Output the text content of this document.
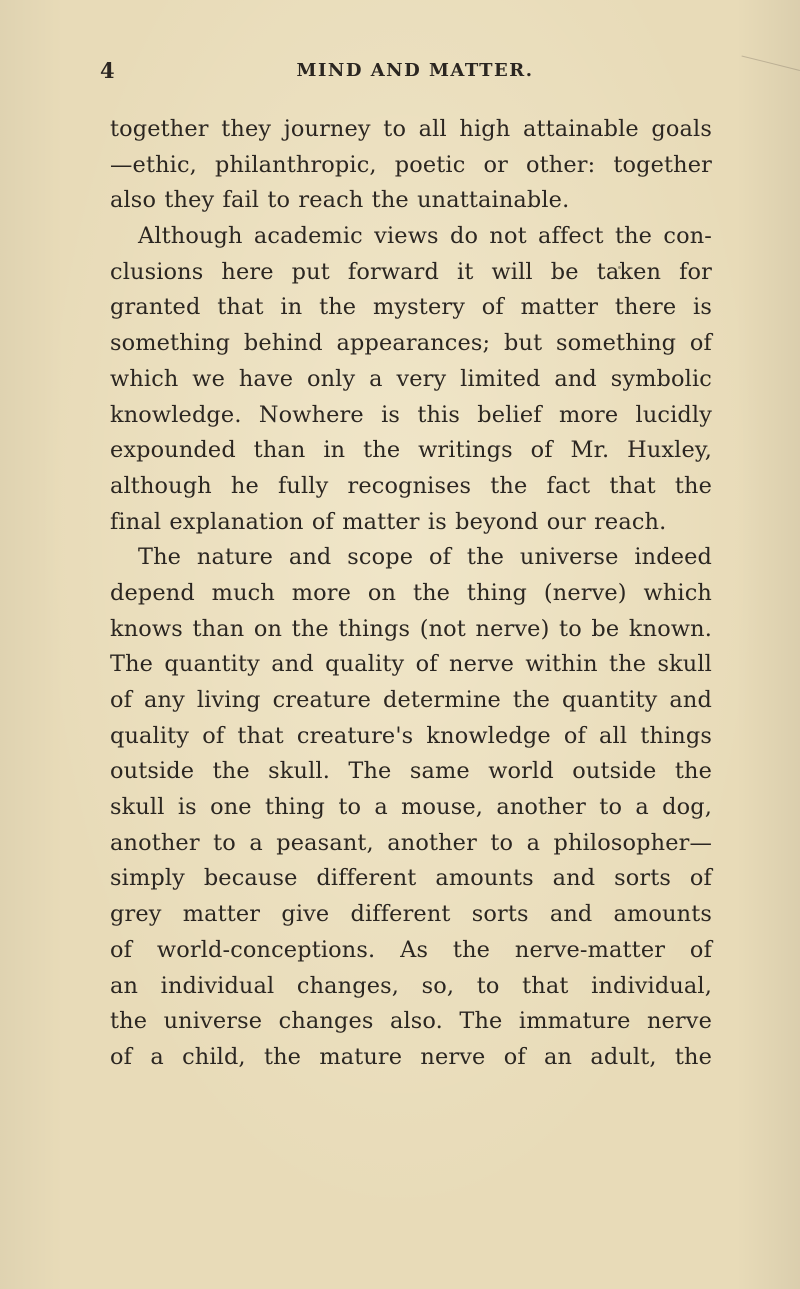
4	MIND AND MATTER.
together they journey to all high attainable goals
—ethic, philanthropic, poetic or other: together
also they fail to reach the unattainable.
Although academic views do not affect the con-
clusions here put forward it will be taken for
granted that in the mystery of matter there is
something behind appearances; but something of
which we have only a very limited and symbolic
knowledge. Nowhere is this belief more lucidly
expounded than in the writings of Mr. Huxley,
although he fully recognises the fact that the
final explanation of matter is beyond our reach.
The nature and scope of the universe indeed
depend much more on the thing (nerve) which
knows than on the things (not nerve) to be known.
The quantity and quality of nerve within the skull
of any living creature determine the quantity and
quality of that creature's knowledge of all things
outside the skull. The same world outside the
skull is one thing to a mouse, another to a dog,
another to a peasant, another to a philosopher—
simply because different amounts and sorts of
grey matter give different sorts and amounts
of world-conceptions. As the nerve-matter of
an individual changes, so, to that individual,
the universe changes also. The immature nerve
of a child, the mature nerve of an adult, the
